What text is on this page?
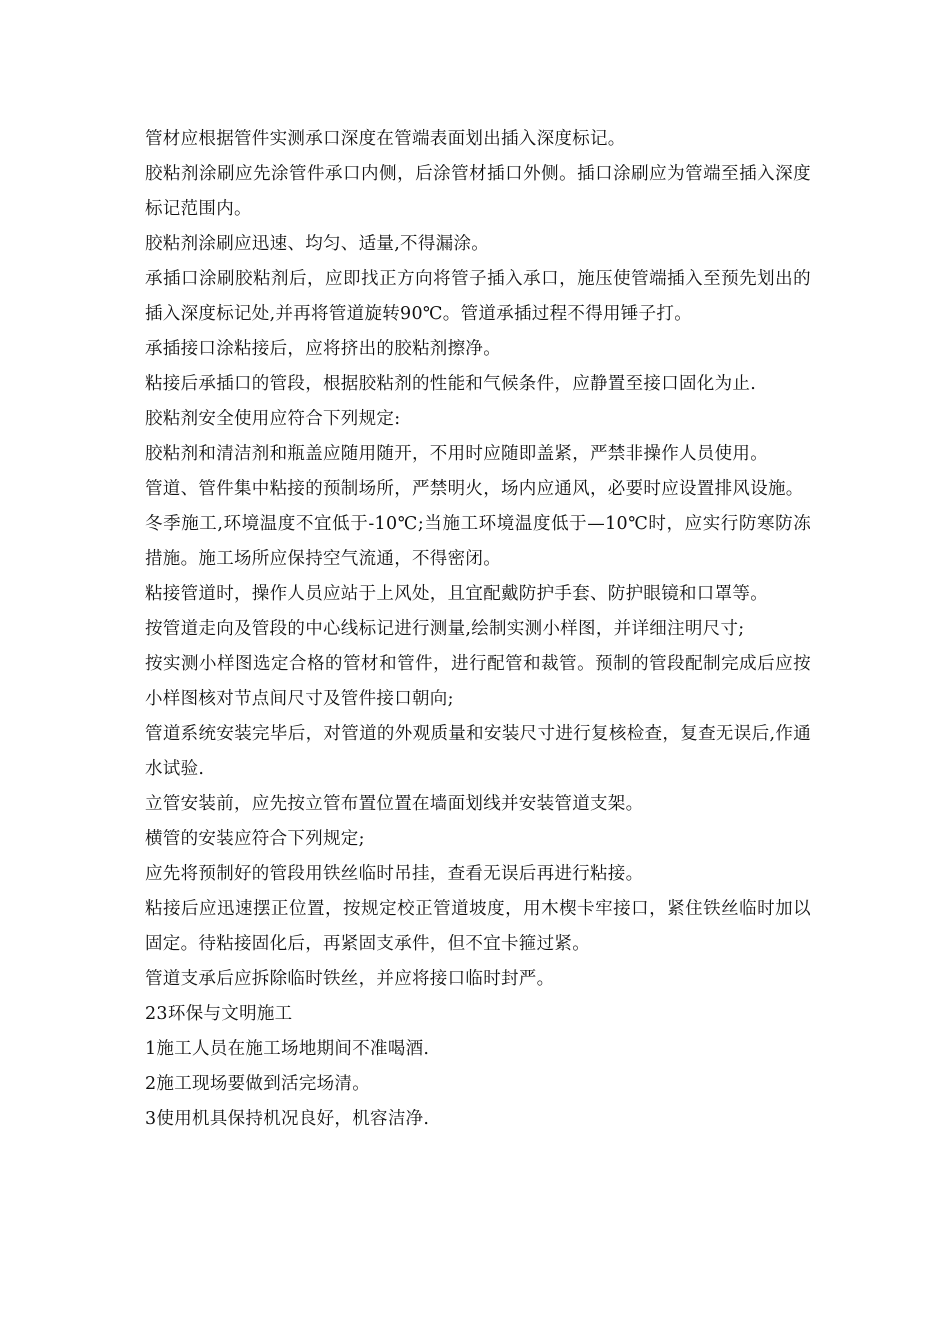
管材应根据管件实测承口深度在管端表面划出插入深度标记。

胶粘剂涂刷应先涂管件承口内侧，后涂管材插口外侧。插口涂刷应为管端至插入深度标记范围内。

胶粘剂涂刷应迅速、均匀、适量,不得漏涂。

承插口涂刷胶粘剂后，应即找正方向将管子插入承口，施压使管端插入至预先划出的插入深度标记处,并再将管道旋转90℃。管道承插过程不得用锤子打。

承插接口涂粘接后，应将挤出的胶粘剂擦净。

粘接后承插口的管段，根据胶粘剂的性能和气候条件，应静置至接口固化为止.

胶粘剂安全使用应符合下列规定:

胶粘剂和清洁剂和瓶盖应随用随开，不用时应随即盖紧，严禁非操作人员使用。

管道、管件集中粘接的预制场所，严禁明火，场内应通风，必要时应设置排风设施。

冬季施工,环境温度不宜低于-10℃;当施工环境温度低于—10℃时，应实行防寒防冻措施。施工场所应保持空气流通，不得密闭。

粘接管道时，操作人员应站于上风处，且宜配戴防护手套、防护眼镜和口罩等。

按管道走向及管段的中心线标记进行测量,绘制实测小样图，并详细注明尺寸;

按实测小样图选定合格的管材和管件，进行配管和裁管。预制的管段配制完成后应按小样图核对节点间尺寸及管件接口朝向;

管道系统安装完毕后，对管道的外观质量和安装尺寸进行复核检查，复查无误后,作通水试验.

立管安装前，应先按立管布置位置在墙面划线并安装管道支架。

横管的安装应符合下列规定;

应先将预制好的管段用铁丝临时吊挂，查看无误后再进行粘接。

粘接后应迅速摆正位置，按规定校正管道坡度，用木楔卡牢接口，紧住铁丝临时加以固定。待粘接固化后，再紧固支承件，但不宜卡箍过紧。

管道支承后应拆除临时铁丝，并应将接口临时封严。

23环保与文明施工

1施工人员在施工场地期间不准喝酒.

2施工现场要做到活完场清。

3使用机具保持机况良好，机容洁净.
